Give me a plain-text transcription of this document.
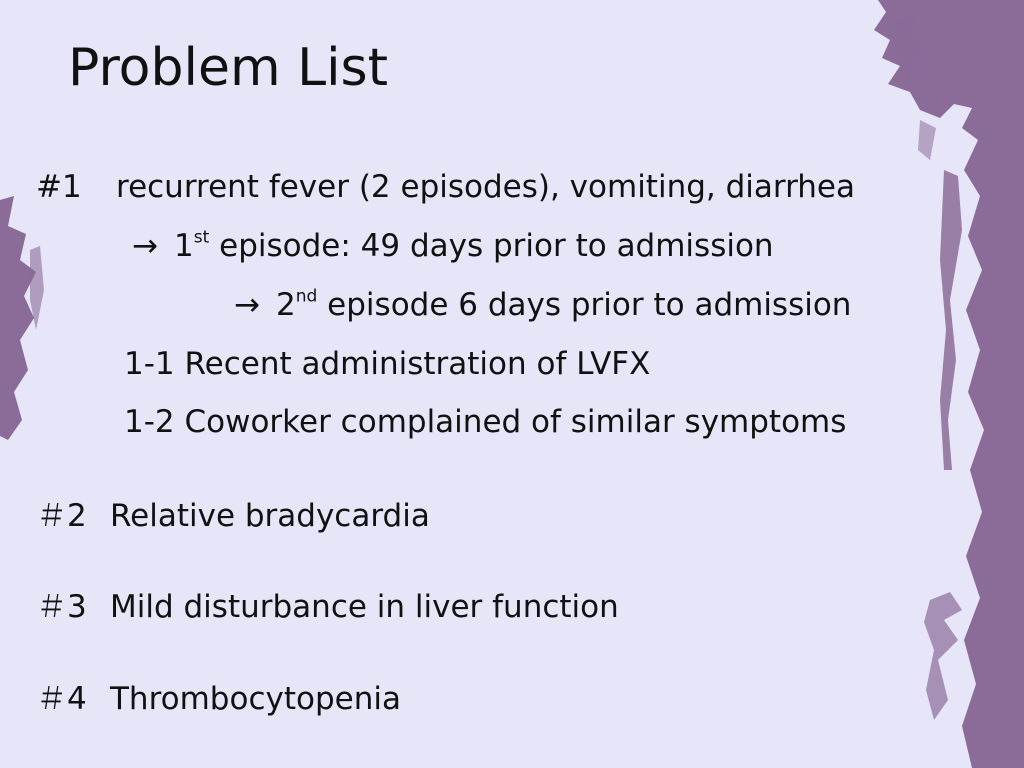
Problem List
#1 recurrent fever (2 episodes), vomiting, diarrhea
→ 1st episode: 49 days prior to admission
→ 2nd episode 6 days prior to admission
1-1 Recent administration of LVFX
1-2 Coworker complained of similar symptoms
＃2 Relative bradycardia
＃3 Mild disturbance in liver function
＃4 Thrombocytopenia
